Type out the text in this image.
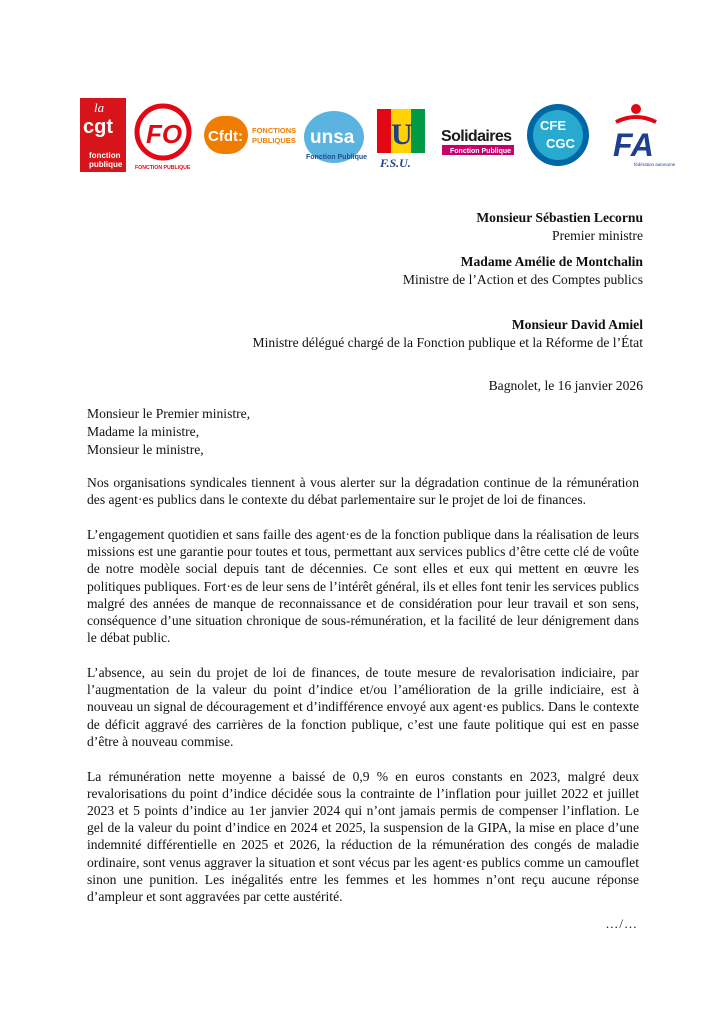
la
cgt
fonction
publique
FO
FONCTION PUBLIQUE
Cfdt: FONCTIONS
PUBLIQUES unsa
Fonction Publique
U
F.S.U.
Solidaires
Fonction Publique
CFE
CGC FA
fédération autonome
Monsieur Sébastien Lecornu
Premier ministre
Madame Amélie de Montchalin
Ministre de l’Action et des Comptes publics
Monsieur David Amiel
Ministre délégué chargé de la Fonction publique et la Réforme de l’État
Bagnolet, le 16 janvier 2026
Monsieur le Premier ministre,
Madame la ministre,
Monsieur le ministre,

Nos organisations syndicales tiennent à vous alerter sur la dégradation continue de la rémunération des agent·es publics dans le contexte du débat parlementaire sur le projet de loi de finances.

L’engagement quotidien et sans faille des agent·es de la fonction publique dans la réalisation de leurs missions est une garantie pour toutes et tous, permettant aux services publics d’être cette clé de voûte de notre modèle social depuis tant de décennies. Ce sont elles et eux qui mettent en œuvre les politiques publiques. Fort·es de leur sens de l’intérêt général, ils et elles font tenir les services publics malgré des années de manque de reconnaissance et de considération pour leur travail et son sens, conséquence d’une situation chronique de sous-rémunération, et la facilité de leur dénigrement dans le débat public.

L’absence, au sein du projet de loi de finances, de toute mesure de revalorisation indiciaire, par l’augmentation de la valeur du point d’indice et/ou l’amélioration de la grille indiciaire, est à nouveau un signal de découragement et d’indifférence envoyé aux agent·es publics. Dans le contexte de déficit aggravé des carrières de la fonction publique, c’est une faute politique qui est en passe d’être à nouveau commise.

La rémunération nette moyenne a baissé de 0,9 % en euros constants en 2023, malgré deux revalorisations du point d’indice décidée sous la contrainte de l’inflation pour juillet 2022 et juillet 2023 et 5 points d’indice au 1er janvier 2024 qui n’ont jamais permis de compenser l’inflation. Le gel de la valeur du point d’indice en 2024 et 2025, la suspension de la GIPA, la mise en place d’une indemnité différentielle en 2025 et 2026, la réduction de la rémunération des congés de maladie ordinaire, sont venus aggraver la situation et sont vécus par les agent·es publics comme un camouflet sinon une punition. Les inégalités entre les femmes et les hommes n’ont reçu aucune réponse d’ampleur et sont aggravées par cette austérité.

…/…
